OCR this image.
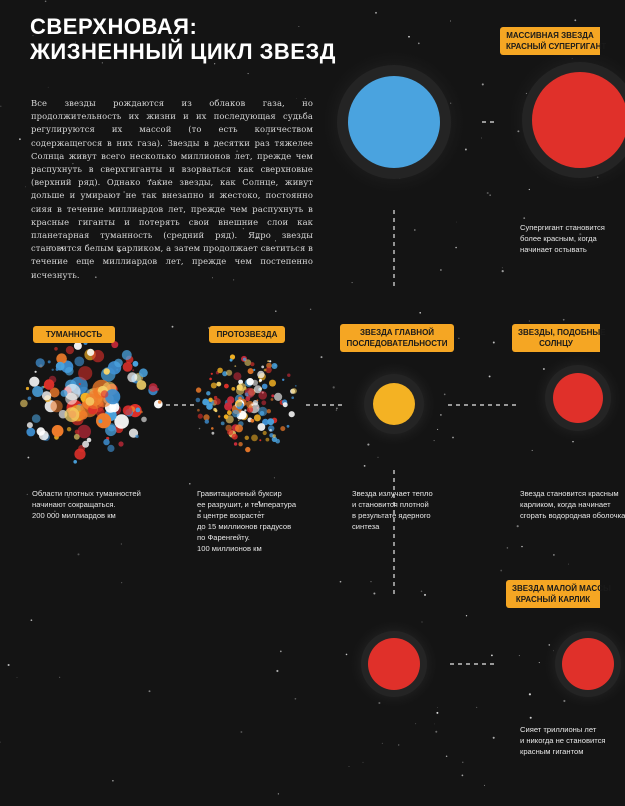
СВЕРХНОВАЯ:
ЖИЗНЕННЫЙ ЦИКЛ ЗВЕЗД

Все звезды рождаются из облаков газа, но продолжительность их жизни и их последующая судьба регулируются их массой (то есть количеством содержащегося в них газа). Звезды в десятки раз тяжелее Солнца живут всего несколько миллионов лет, прежде чем распухнуть в сверхгиганты и взорваться как сверхновые (верхний ряд). Однако такие звезды, как Солнце, живут дольше и умирают не так внезапно и жестоко, постоянно сияя в течение миллиардов лет, прежде чем распухнуть в красные гиганты и потерять свои внешние слои как планетарная туманность (средний ряд). Ядро звезды становится белым карликом, а затем продолжает светиться в течение еще миллиардов лет, прежде чем постепенно исчезнуть.

МАССИВНАЯ ЗВЕЗДА
КРАСНЫЙ СУПЕРГИГАНТ
ТУМАННОСТЬ	ПРОТОЗВЕЗДА	ЗВЕЗДА ГЛАВНОЙ
ПОСЛЕДОВАТЕЛЬНОСТИ
ЗВЕЗДЫ, ПОДОБНЫЕ
СОЛНЦУ
ЗВЕЗДА МАЛОЙ МАССЫ
КРАСНЫЙ КАРЛИК
Области плотных туманностей
начинают сокращаться.
200 000 миллиардов км
Гравитационный буксир
ее разрушит, и температура
в центре возрастет
до 15 миллионов градусов
по Фаренгейту.
100 миллионов км
Звезда излучает тепло
и становится плотной
в результате ядерного
синтеза
Супергигант становится
более красным, когда
начинает остывать
Звезда становится красным
карликом, когда начинает
сгорать водородная оболочка
Сияет триллионы лет
и никогда не становится
красным гигантом
